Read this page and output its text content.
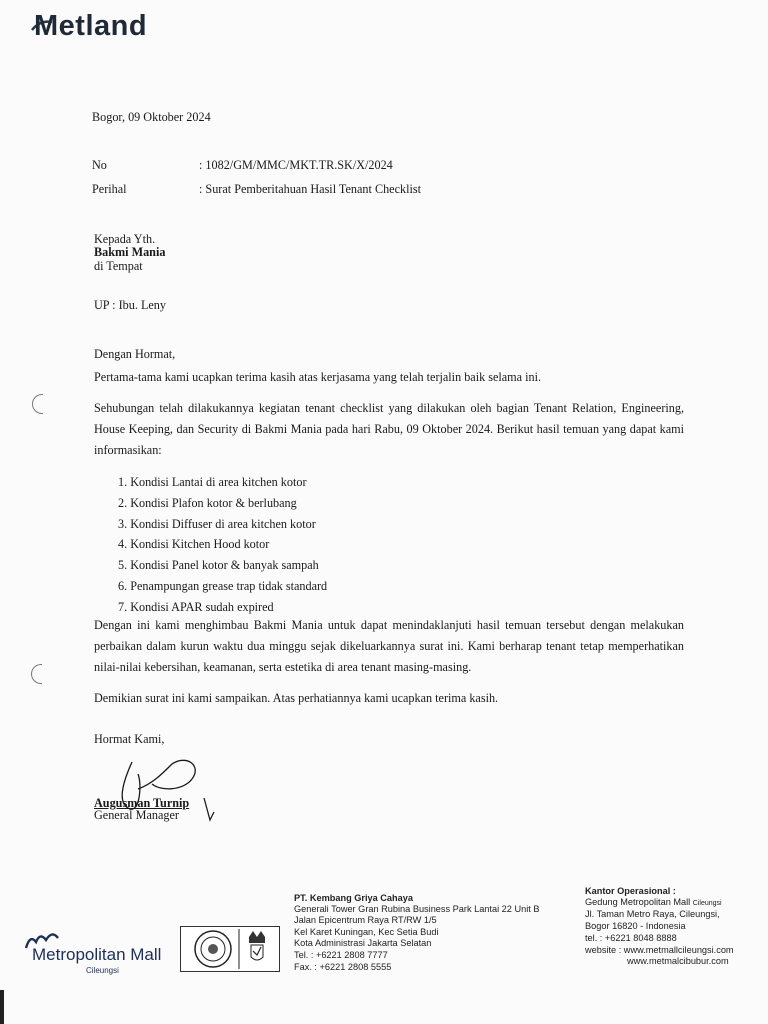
Metland
Bogor, 09 Oktober 2024
No	: 1082/GM/MMC/MKT.TR.SK/X/2024
Perihal	: Surat Pemberitahuan Hasil Tenant Checklist
Kepada Yth.
Bakmi Mania
di Tempat
UP : Ibu. Leny
Dengan Hormat,
Pertama-tama kami ucapkan terima kasih atas kerjasama yang telah terjalin baik selama ini.
Sehubungan telah dilakukannya kegiatan tenant checklist yang dilakukan oleh bagian Tenant Relation, Engineering, House Keeping, dan Security di Bakmi Mania pada hari Rabu, 09 Oktober 2024. Berikut hasil temuan yang dapat kami informasikan:
1. Kondisi Lantai di area kitchen kotor
2. Kondisi Plafon kotor & berlubang
3. Kondisi Diffuser di area kitchen kotor
4. Kondisi Kitchen Hood kotor
5. Kondisi Panel kotor & banyak sampah
6. Penampungan grease trap tidak standard
7. Kondisi APAR sudah expired
Dengan ini kami menghimbau Bakmi Mania untuk dapat menindaklanjuti hasil temuan tersebut dengan melakukan perbaikan dalam kurun waktu dua minggu sejak dikeluarkannya surat ini. Kami berharap tenant tetap memperhatikan nilai-nilai kebersihan, keamanan, serta estetika di area tenant masing-masing.
Demikian surat ini kami sampaikan. Atas perhatiannya kami ucapkan terima kasih.
Hormat Kami,
Augusman Turnip
General Manager
Metropolitan Mall
Cileungsi
PT. Kembang Griya Cahaya
Generali Tower Gran Rubina Business Park Lantai 22 Unit B
Jalan Epicentrum Raya RT/RW 1/5
Kel Karet Kuningan, Kec Setia Budi
Kota Administrasi Jakarta Selatan
Tel. : +6221 2808 7777
Fax. : +6221 2808 5555
Kantor Operasional :
Gedung Metropolitan Mall Cileungsi
Jl. Taman Metro Raya, Cileungsi,
Bogor 16820 - Indonesia
tel. : +6221 8048 8888
website : www.metmallcileungsi.com
www.metmalcibubur.com
